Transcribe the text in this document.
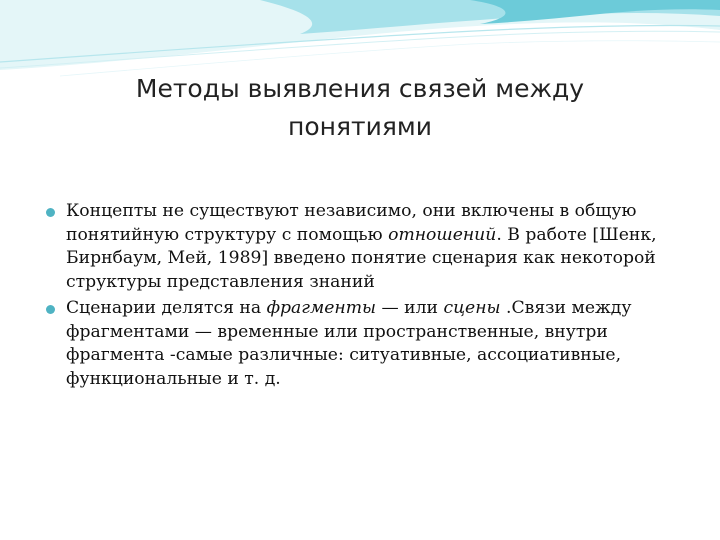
Методы выявления связей между
понятиями
Концепты не существуют независимо, они включены в общую понятийную структуру с помощью отношений. В работе [Шенк, Бирнбаум, Мей, 1989] введено понятие сценария как некоторой структуры представления знаний
Сценарии делятся на фрагменты — или сцены .Связи между фрагментами — временные или пространственные, внутри фрагмента -самые различные: ситуативные, ассоциативные, функциональные и т. д.
